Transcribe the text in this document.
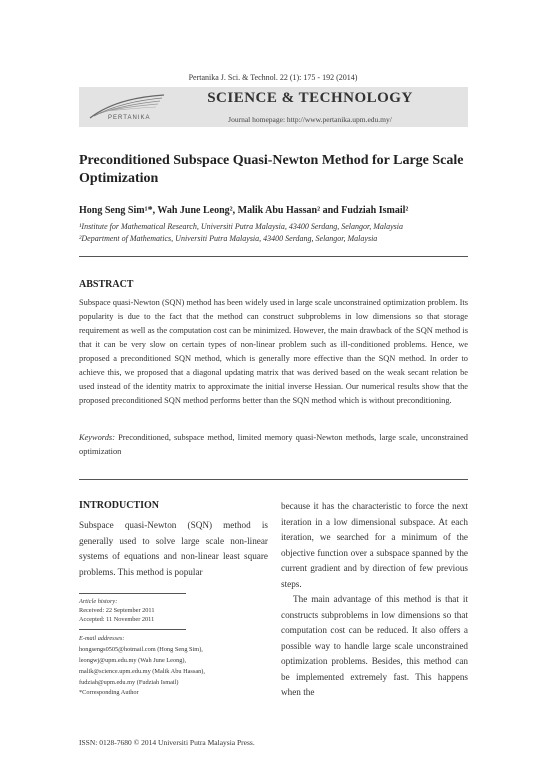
Pertanika J. Sci. & Technol. 22 (1): 175 - 192 (2014)
PERTANIKA
SCIENCE & TECHNOLOGY
Journal homepage: http://www.pertanika.upm.edu.my/
Preconditioned Subspace Quasi-Newton Method for Large Scale Optimization
Hong Seng Sim¹*, Wah June Leong², Malik Abu Hassan² and Fudziah Ismail²
¹Institute for Mathematical Research, Universiti Putra Malaysia, 43400 Serdang, Selangor, Malaysia
²Department of Mathematics, Universiti Putra Malaysia, 43400 Serdang, Selangor, Malaysia
ABSTRACT
Subspace quasi-Newton (SQN) method has been widely used in large scale unconstrained optimization problem. Its popularity is due to the fact that the method can construct subproblems in low dimensions so that storage requirement as well as the computation cost can be minimized. However, the main drawback of the SQN method is that it can be very slow on certain types of non-linear problem such as ill-conditioned problems. Hence, we proposed a preconditioned SQN method, which is generally more effective than the SQN method. In order to achieve this, we proposed that a diagonal updating matrix that was derived based on the weak secant relation be used instead of the identity matrix to approximate the initial inverse Hessian. Our numerical results show that the proposed preconditioned SQN method performs better than the SQN method which is without preconditioning.
Keywords: Preconditioned, subspace method, limited memory quasi-Newton methods, large scale, unconstrained optimization
INTRODUCTION
Subspace quasi-Newton (SQN) method is generally used to solve large scale non-linear systems of equations and non-linear least square problems. This method is popular

because it has the characteristic to force the next iteration in a low dimensional subspace. At each iteration, we searched for a minimum of the objective function over a subspace spanned by the current gradient and by direction of few previous steps.

The main advantage of this method is that it constructs subproblems in low dimensions so that computation cost can be reduced. It also offers a possible way to handle large scale unconstrained optimization problems. Besides, this method can be implemented extremely fast. This happens when the

Article history:
Received: 22 September 2011
Accepted: 11 November 2011
E-mail addresses:
hongsengs0505@hotmail.com (Hong Seng Sim),
leongwj@upm.edu.my (Wah June Leong),
malik@science.upm.edu.my (Malik Abu Hassan),
fudziah@upm.edu.my (Fudziah Ismail)
*Corresponding Author
ISSN: 0128-7680 © 2014 Universiti Putra Malaysia Press.
